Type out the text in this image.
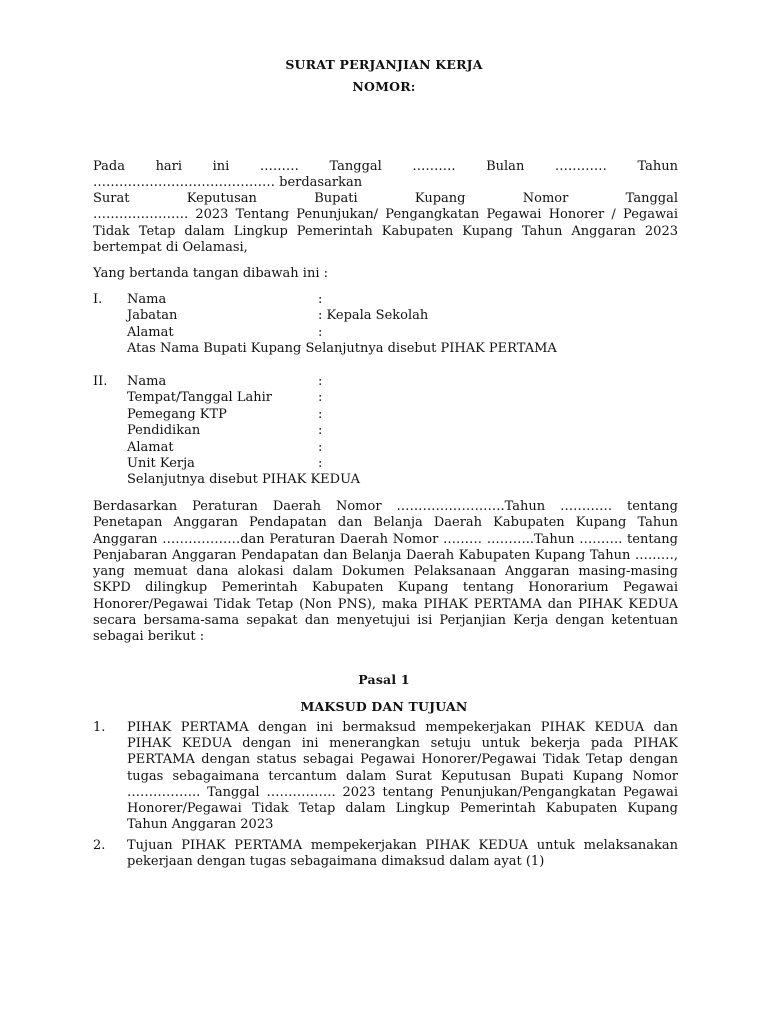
SURAT PERJANJIAN KERJA
NOMOR:
Pada hari ini ……… Tanggal ………. Bulan ………… Tahun
…………………………………… berdasarkan
Surat Keputusan Bupati Kupang Nomor Tanggal
…………………. 2023 Tentang Penunjukan/ Pengangkatan Pegawai Honorer / Pegawai Tidak Tetap dalam Lingkup Pemerintah Kabupaten Kupang Tahun Anggaran 2023 bertempat di Oelamasi,
Yang bertanda tangan dibawah ini :
I. Nama	:
Jabatan	: Kepala Sekolah
Alamat	:
Atas Nama Bupati Kupang Selanjutnya disebut PIHAK PERTAMA
II. Nama	:
Tempat/Tanggal Lahir	:
Pemegang KTP	:
Pendidikan	:
Alamat	:
Unit Kerja	:
Selanjutnya disebut PIHAK KEDUA
Berdasarkan Peraturan Daerah Nomor …………………….Tahun ………… tentang Penetapan Anggaran Pendapatan dan Belanja Daerah Kabupaten Kupang Tahun Anggaran ………………dan Peraturan Daerah Nomor ……… ………..Tahun ………. tentang Penjabaran Anggaran Pendapatan dan Belanja Daerah Kabupaten Kupang Tahun ………, yang memuat dana alokasi dalam Dokumen Pelaksanaan Anggaran masing-masing SKPD dilingkup Pemerintah Kabupaten Kupang tentang Honorarium Pegawai Honorer/Pegawai Tidak Tetap (Non PNS), maka PIHAK PERTAMA dan PIHAK KEDUA secara bersama-sama sepakat dan menyetujui isi Perjanjian Kerja dengan ketentuan sebagai berikut :
Pasal 1
MAKSUD DAN TUJUAN
1. PIHAK PERTAMA dengan ini bermaksud mempekerjakan PIHAK KEDUA dan PIHAK KEDUA dengan ini menerangkan setuju untuk bekerja pada PIHAK PERTAMA dengan status sebagai Pegawai Honorer/Pegawai Tidak Tetap dengan tugas sebagaimana tercantum dalam Surat Keputusan Bupati Kupang Nomor …………….. Tanggal ……………. 2023 tentang Penunjukan/Pengangkatan Pegawai Honorer/Pegawai Tidak Tetap dalam Lingkup Pemerintah Kabupaten Kupang Tahun Anggaran 2023
2. Tujuan PIHAK PERTAMA mempekerjakan PIHAK KEDUA untuk melaksanakan pekerjaan dengan tugas sebagaimana dimaksud dalam ayat (1)
